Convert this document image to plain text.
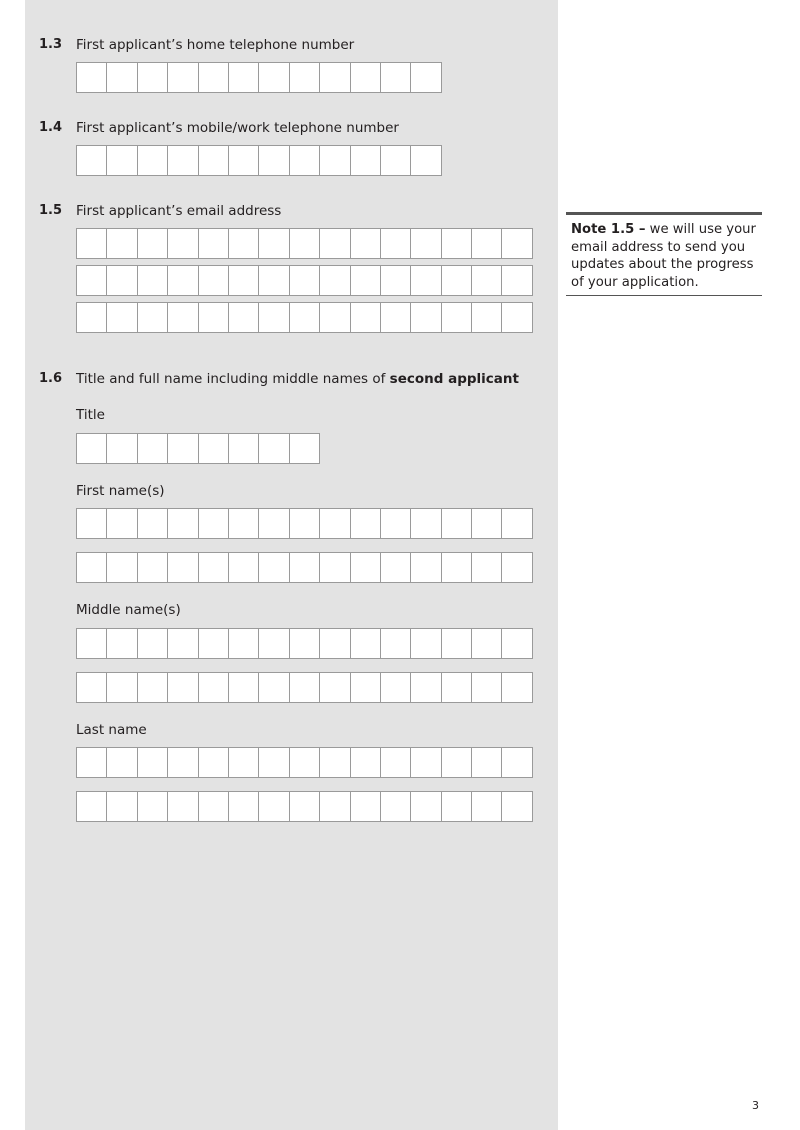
1.3 First applicant’s home telephone number
1.4 First applicant’s mobile/work telephone number
1.5 First applicant’s email address
Note 1.5 – we will use your email address to send you updates about the progress of your application.
1.6 Title and full name including middle names of second applicant
Title
First name(s)
Middle name(s)
Last name
3
